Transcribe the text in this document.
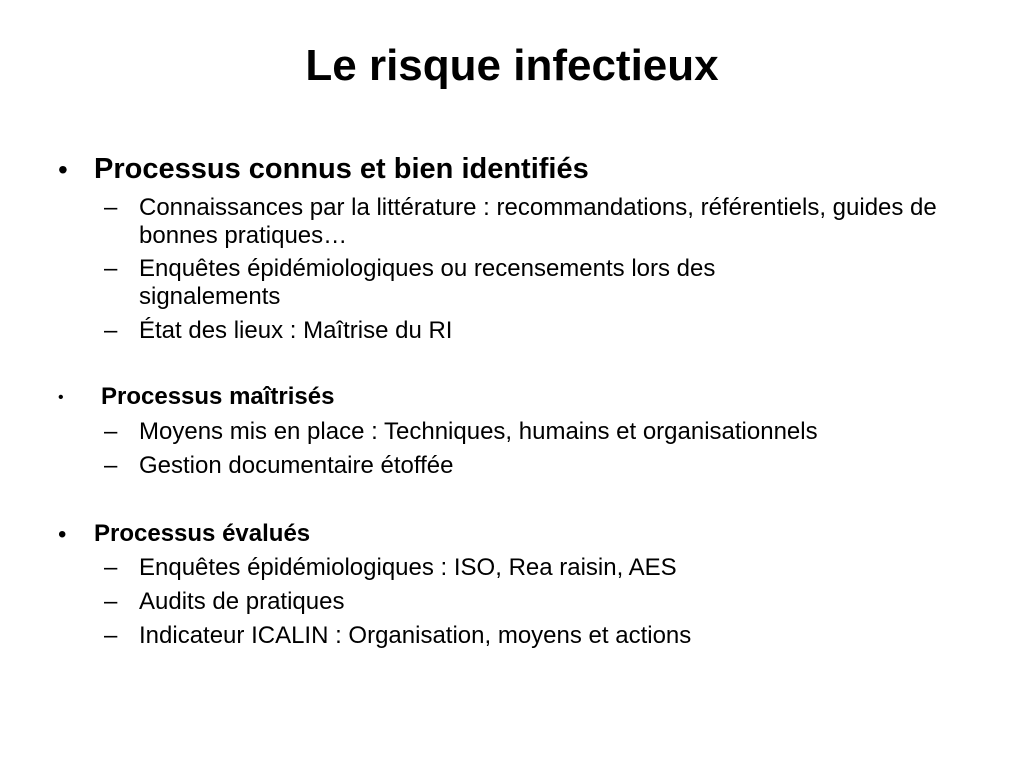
Le risque infectieux
• Processus connus et bien identifiés
– Connaissances par la littérature : recommandations, référentiels, guides de bonnes pratiques…
– Enquêtes épidémiologiques ou recensements lors des signalements
– État des lieux : Maîtrise du RI
• Processus maîtrisés
– Moyens mis en place : Techniques, humains et organisationnels
– Gestion documentaire étoffée
• Processus évalués
– Enquêtes épidémiologiques : ISO, Rea raisin, AES
– Audits de pratiques
– Indicateur ICALIN : Organisation, moyens et actions
